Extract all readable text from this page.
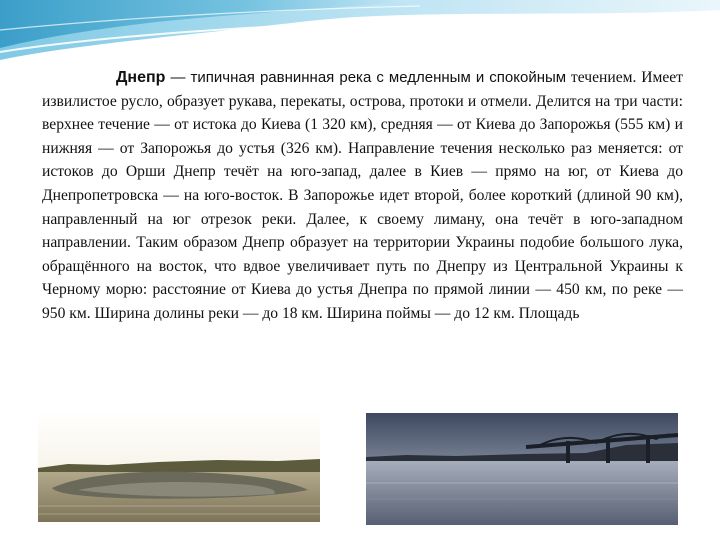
Днепр — типичная равнинная река с медленным и спокойным течением. Имеет извилистое русло, образует рукава, перекаты, острова, протоки и отмели. Делится на три части: верхнее течение — от истока до Киева (1 320 км), средняя — от Киева до Запорожья (555 км) и нижняя — от Запорожья до устья (326 км). Направление течения несколько раз меняется: от истоков до Орши Днепр течёт на юго-запад, далее в Киев — прямо на юг, от Киева до Днепропетровска — на юго-восток. В Запорожье идет второй, более короткий (длиной 90 км), направленный на юг отрезок реки. Далее, к своему лиману, она течёт в юго-западном направлении. Таким образом Днепр образует на территории Украины подобие большого лука, обращённого на восток, что вдвое увеличивает путь по Днепру из Центральной Украины к Черному морю: расстояние от Киева до устья Днепра по прямой линии — 450 км, по реке — 950 км. Ширина долины реки — до 18 км. Ширина поймы — до 12 км. Площадь
